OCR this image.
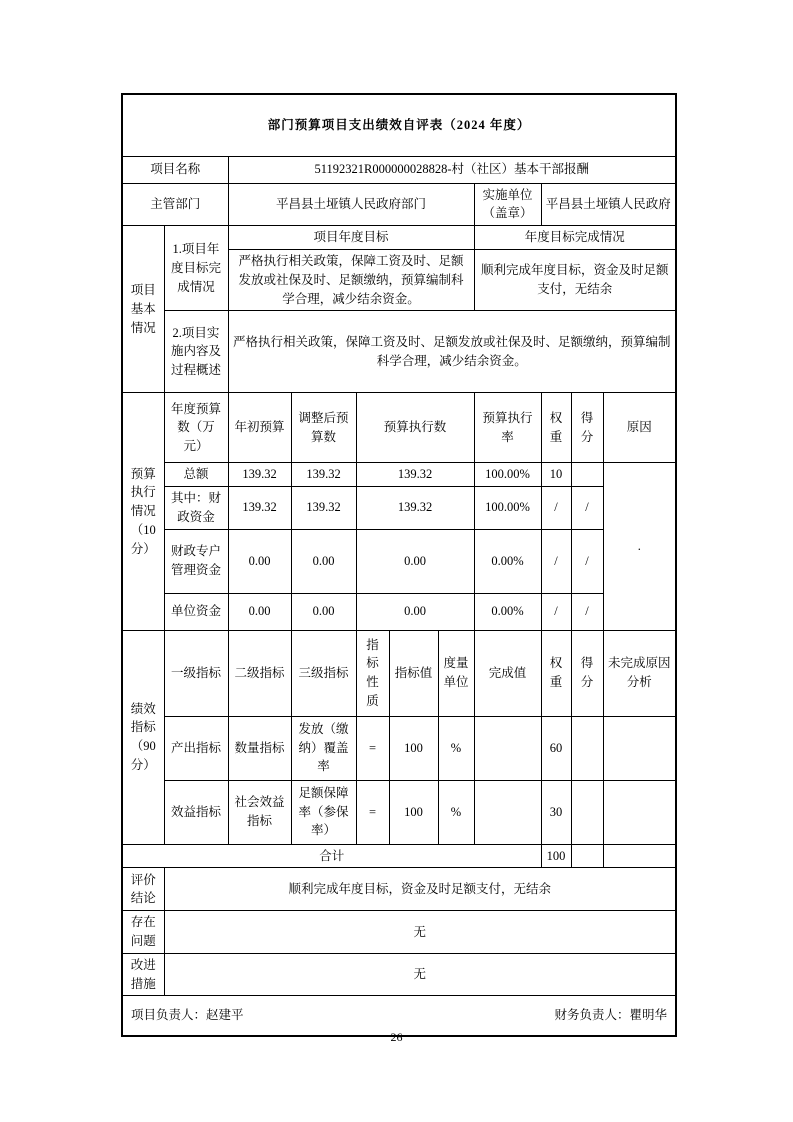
部门预算项目支出绩效自评表（2024 年度）										
项目名称		51192321R000000028828-村（社区）基本干部报酬								
主管部门		平昌县土垭镇人民政府部门					实施单位（盖章）	平昌县土垭镇人民政府		
项目基本情况	1.项目年度目标完成情况	项目年度目标					年度目标完成情况			
		严格执行相关政策，保障工资及时、足额发放或社保及时、足额缴纳，预算编制科学合理，减少结余资金。					顺利完成年度目标，资金及时足额支付，无结余			
	2.项目实施内容及过程概述	严格执行相关政策，保障工资及时、足额发放或社保及时、足额缴纳，预算编制科学合理，减少结余资金。								
预算执行情况（10分）	年度预算数（万元）	年初预算	调整后预算数	预算执行数			预算执行率	权重	得分	原因
	总额	139.32	139.32	139.32			100.00%	10		.
	其中：财政资金	139.32	139.32	139.32			100.00%	/	/	
	财政专户管理资金	0.00	0.00	0.00			0.00%	/	/	
	单位资金	0.00	0.00	0.00			0.00%	/	/	
绩效指标（90分）	一级指标	二级指标	三级指标	指标性质	指标值	度量单位	完成值	权重	得分	未完成原因分析
	产出指标	数量指标	发放（缴纳）覆盖率	=	100	%		60		
	效益指标	社会效益指标	足额保障率（参保率）	=	100	%		30		
合计								100		
评价结论	顺利完成年度目标，资金及时足额支付，无结余									
存在问题	无									
改进措施	无									

项目负责人：赵建平 财务负责人：瞿明华										
26
